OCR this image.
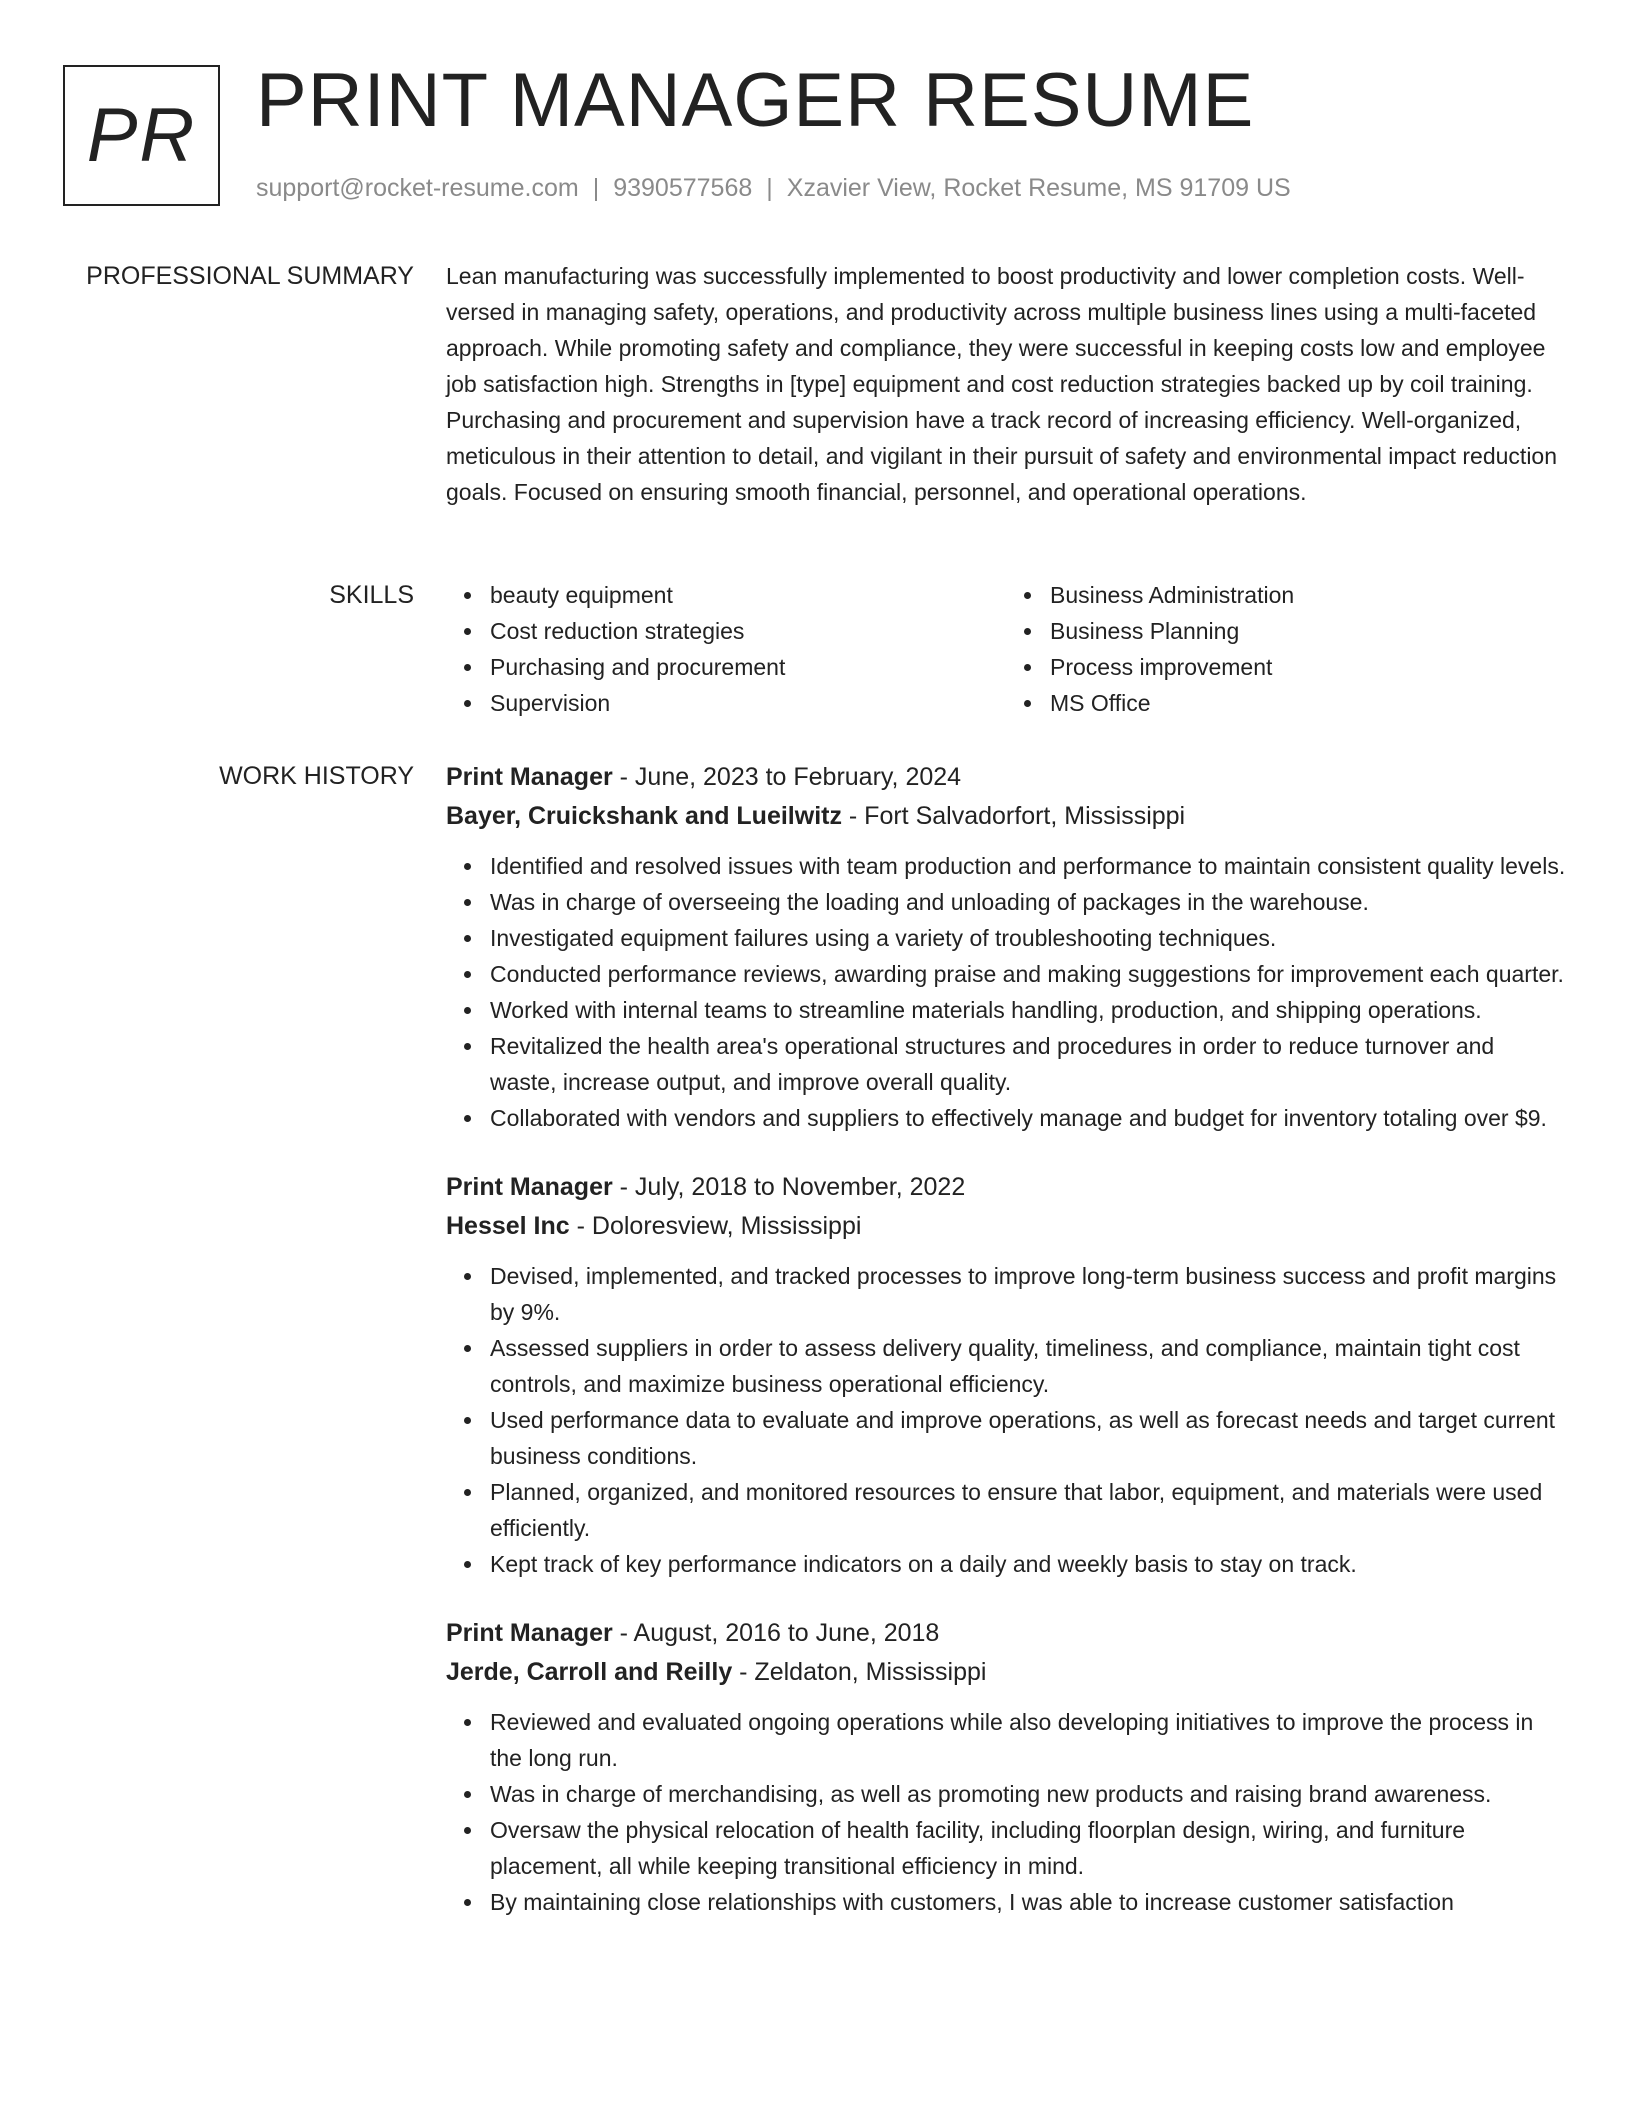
PR PRINT MANAGER RESUME
support@rocket-resume.com | 9390577568 | Xzavier View, Rocket Resume, MS 91709 US
PROFESSIONAL SUMMARY Lean manufacturing was successfully implemented to boost productivity and lower completion costs. Well-versed in managing safety, operations, and productivity across multiple business lines using a multi-faceted approach. While promoting safety and compliance, they were successful in keeping costs low and employee job satisfaction high. Strengths in [type] equipment and cost reduction strategies backed up by coil training. Purchasing and procurement and supervision have a track record of increasing efficiency. Well-organized, meticulous in their attention to detail, and vigilant in their pursuit of safety and environmental impact reduction goals. Focused on ensuring smooth financial, personnel, and operational operations.

SKILLS	beauty equipment
Cost reduction strategies
Purchasing and procurement
Supervision
Business Administration
Business Planning
Process improvement
MS Office
WORK HISTORY Print Manager - June, 2023 to February, 2024
Bayer, Cruickshank and Lueilwitz - Fort Salvadorfort, Mississippi
Identified and resolved issues with team production and performance to maintain consistent quality levels.
Was in charge of overseeing the loading and unloading of packages in the warehouse.
Investigated equipment failures using a variety of troubleshooting techniques.
Conducted performance reviews, awarding praise and making suggestions for improvement each quarter.
Worked with internal teams to streamline materials handling, production, and shipping operations.
Revitalized the health area's operational structures and procedures in order to reduce turnover and waste, increase output, and improve overall quality.
Collaborated with vendors and suppliers to effectively manage and budget for inventory totaling over $9.
Print Manager - July, 2018 to November, 2022
Hessel Inc - Doloresview, Mississippi
Devised, implemented, and tracked processes to improve long-term business success and profit margins by 9%.
Assessed suppliers in order to assess delivery quality, timeliness, and compliance, maintain tight cost controls, and maximize business operational efficiency.
Used performance data to evaluate and improve operations, as well as forecast needs and target current business conditions.
Planned, organized, and monitored resources to ensure that labor, equipment, and materials were used efficiently.
Kept track of key performance indicators on a daily and weekly basis to stay on track.
Print Manager - August, 2016 to June, 2018
Jerde, Carroll and Reilly - Zeldaton, Mississippi
Reviewed and evaluated ongoing operations while also developing initiatives to improve the process in the long run.
Was in charge of merchandising, as well as promoting new products and raising brand awareness.
Oversaw the physical relocation of health facility, including floorplan design, wiring, and furniture placement, all while keeping transitional efficiency in mind.
By maintaining close relationships with customers, I was able to increase customer satisfaction
